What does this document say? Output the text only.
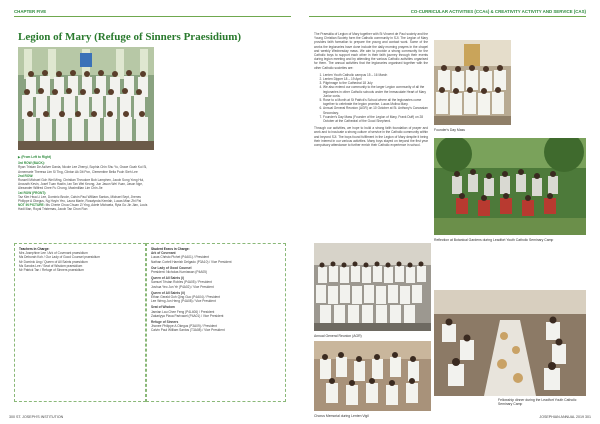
CHAPTER FIVE	CO-CURRICULAR ACTIVITIES (CCAs) & CREATIVITY ACTIVITY AND SERVICE (CAS)
Legion of Mary (Refuge of Sinners Praesidium)
▶ (From Left to Right)
3rd ROW (BACK):
Ryan Tristan De Asilver Dania, Nicole Lee Zhenyi, Sophia Chin Shu Yu, Grace Goah Kui Si, Annemarie Theresa Lim Si Ting, Clinton Ak Dit Pon, Clementine Bella Pooh Sieh Lee
2nd ROW:
Russell Michael Goh Wei Ming, Christian Theodore Bob Lamphen, Jacob Song Yong Hui, Anousth Kevin, Josef Tuan Hazlin, Ian Tan Wei Keong, Jun Jason Wei Yuan, Jason Nge, Alexander Wilfred Chee Fu Chong, Maximillian Lim Chin Jie
1st ROW (FRONT):
Taz Kim Hwa Li Lee, Dominic Brode, Calvin Paul William Santos, Michael Sept, Jheneu Philippe A Okegus, Ng Hoyin Yeo, Laura Marie, Rosalynda Kemlah, Lucas Mian Zhi Pal
NOT IN PICTURE: Ms Cherie Chua Chuan Zi Ying, Adele Michaela, Ryia Go Jin Jian, Louis Hadi Ilian, Royal Tristemas, Jacob Tan Chon Ron
Teachers in Charge:
Mrs Josephine Lee / Ark of Covenant praesidium
Ms Deborah Koh / Our Lady of Good Counsel praesidium
Mr Dominic Ang / Queen of All Saints praesidium
Ms Sandra Lee / Seat of Wisdom praesidium
Mr Patrick Tan / Refuge of Sinners praesidium
Student Execs in Charge:
Ark of Covenant
Lucas Christo Pichet (P4A01) / President
Nathan Cortell Hamish Delgado (P3A10) / Vice President
Our Lady of Good Counsel
President: Nicholas Kurniawan (P4A05)
Queen of All Saints (i)
Samuel Tristan Robles (P4A05) / President
Joshua Yeo Jun Ye (P4A02) / Vice President
Queen of All Saints (ii)
Ethan Gerald Goh Qing Guo (P4A04) / President
Lee Weng Jun Heng (P4A08) / Vice President
Seat of Wisdom
Jamian Lau Chee Feng (P4L406) / President
Zakariyya Pizua Parivacel (P4A01) / Vice President
Refuge of Sinners
Jhonee Philippe A Okegus (P3A09) / President
Calvin Paul William Santos (T3A08) / Vice President
The Praesidia of Legion of Mary together with St Vincent de Paul society and the Young Christian Society form the Catholic community in SJI. The Legion of Mary provides faith formation to prepare the young and contact work. Some of the works the legionaries have done include the daily morning prayers in the chapel and weekly Wednesday mass. We aim to provide a strong community for the Catholic boys to support each other in their faith journey through their events during legion meeting and by attending the various Catholic activities organised for them. The annual activities that the legionaries organised together with the other Catholic societies are:
1. Lenten Youth Catholic campus 15 – 16 March
2. Lenten Dipper 18 – 19 April
3. Pilgrimage to the Cathedral 18 July
4. We also extend our community to the larger Legion community of all the legionaries in other Catholic schools under the Immaculate Heart of Mary Junior curia.
5. Rose to a Month at St Patrick's School where all the legionaries come together to celebrate the legion promise. Lucas Molina Mary.
6. Annual General Reunion (AGR) on 10 October at St. Anthony's Canossian Secondary.
7. Founder's Day Mass (Founder of the Legion of Mary, Frank Duff) on 28 October at the Cathedral of the Good Shepherd.
Through our activities, we hope to build a strong faith foundation of prayer and work and to inculcate a strong culture of service in the Catholic community within and beyond SJI. The boys found fulfilment in the Legion of Mary despite it being their interest in our various activities. Many boys stayed on beyond the first year compulsory attendance to further enrich their Catholic experience in school.
Founder's Day Mass
Reflection at Botanical Gardens during Leadfort Youth Catholic Seminary Camp
Annual General Reunion (AGR)
Chorus Memorial during Lenten Vigil
Fellowship dinner during the Leadfort Youth Catholic Seminary Camp
300 ST. JOSEPH'S INSTITUTION	JOSEPHIAN ANNUAL 2019 301
